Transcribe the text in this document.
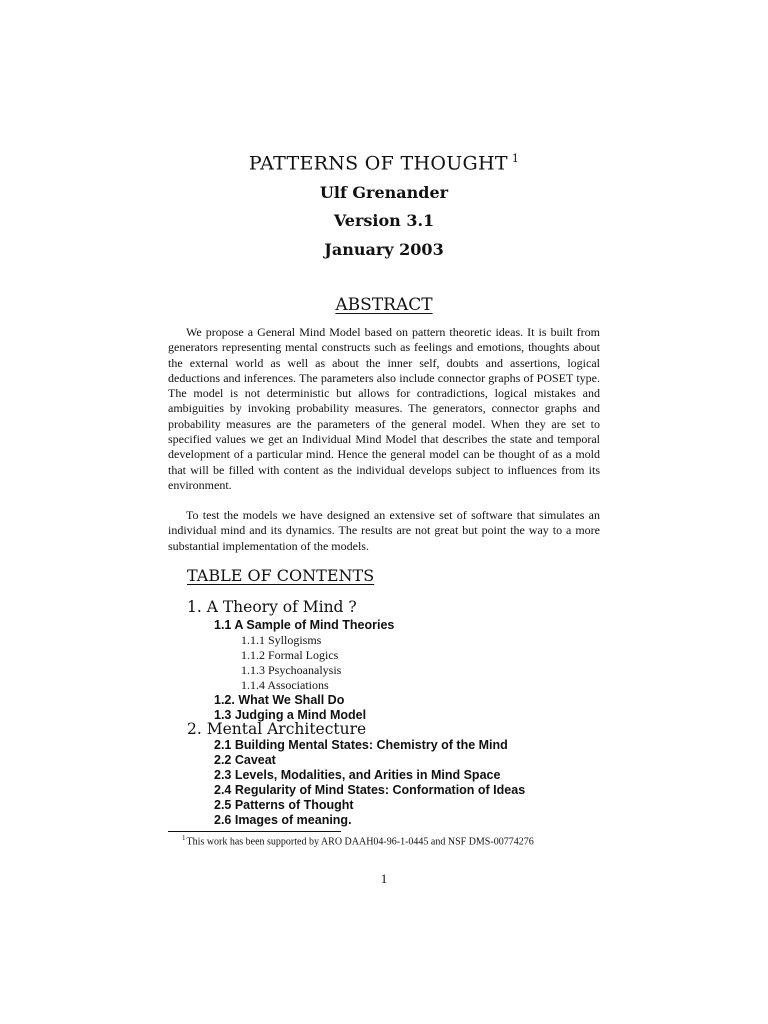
PATTERNS OF THOUGHT $^1$
Ulf Grenander
Version 3.1
January 2003
ABSTRACT
We propose a General Mind Model based on pattern theoretic ideas. It is built from generators representing mental constructs such as feelings and emotions, thoughts about the external world as well as about the inner self, doubts and assertions, logical deductions and inferences. The parameters also include connector graphs of POSET type. The model is not deterministic but allows for contradictions, logical mistakes and ambiguities by invoking probability measures. The generators, connector graphs and probability measures are the parameters of the general model. When they are set to specified values we get an Individual Mind Model that describes the state and temporal development of a particular mind. Hence the general model can be thought of as a mold that will be filled with content as the individual develops subject to influences from its environment.
To test the models we have designed an extensive set of software that simulates an individual mind and its dynamics. The results are not great but point the way to a more substantial implementation of the models.
TABLE OF CONTENTS
1. A Theory of Mind ?
1.1 A Sample of Mind Theories
1.1.1 Syllogisms
1.1.2 Formal Logics
1.1.3 Psychoanalysis
1.1.4 Associations
1.2. What We Shall Do
1.3 Judging a Mind Model
2. Mental Architecture
2.1 Building Mental States: Chemistry of the Mind
2.2 Caveat
2.3 Levels, Modalities, and Arities in Mind Space
2.4 Regularity of Mind States: Conformation of Ideas
2.5 Patterns of Thought
2.6 Images of meaning.
$^1$This work has been supported by ARO DAAH04-96-1-0445 and NSF DMS-00774276
1
